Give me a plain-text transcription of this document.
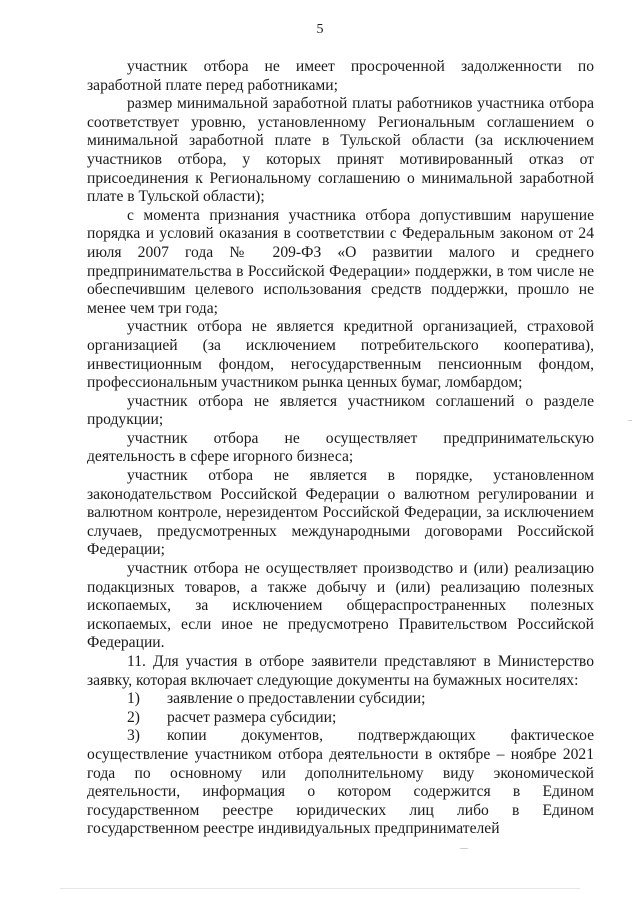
5

участник отбора не имеет просроченной задолженности по заработной плате перед работниками;

размер минимальной заработной платы работников участника отбора соответствует уровню, установленному Региональным соглашением о минимальной заработной плате в Тульской области (за исключением участников отбора, у которых принят мотивированный отказ от присоединения к Региональному соглашению о минимальной заработной плате в Тульской области);

с момента признания участника отбора допустившим нарушение порядка и условий оказания в соответствии с Федеральным законом от 24 июля 2007 года № 209-ФЗ «О развитии малого и среднего предпринимательства в Российской Федерации» поддержки, в том числе не обеспечившим целевого использования средств поддержки, прошло не менее чем три года;

участник отбора не является кредитной организацией, страховой организацией (за исключением потребительского кооператива), инвестиционным фондом, негосударственным пенсионным фондом, профессиональным участником рынка ценных бумаг, ломбардом;

участник отбора не является участником соглашений о разделе продукции;

участник отбора не осуществляет предпринимательскую деятельность в сфере игорного бизнеса;

участник отбора не является в порядке, установленном законодательством Российской Федерации о валютном регулировании и валютном контроле, нерезидентом Российской Федерации, за исключением случаев, предусмотренных международными договорами Российской Федерации;

участник отбора не осуществляет производство и (или) реализацию подакцизных товаров, а также добычу и (или) реализацию полезных ископаемых, за исключением общераспространенных полезных ископаемых, если иное не предусмотрено Правительством Российской Федерации.

11. Для участия в отборе заявители представляют в Министерство заявку, которая включает следующие документы на бумажных носителях:

1)	заявление о предоставлении субсидии;
2)	расчет размера субсидии;
3) копии документов, подтверждающих фактическое осуществление участником отбора деятельности в октябре – ноябре 2021 года по основному или дополнительному виду экономической деятельности, информация о котором содержится в Едином государственном реестре юридических лиц либо в Едином государственном реестре индивидуальных предпринимателей
